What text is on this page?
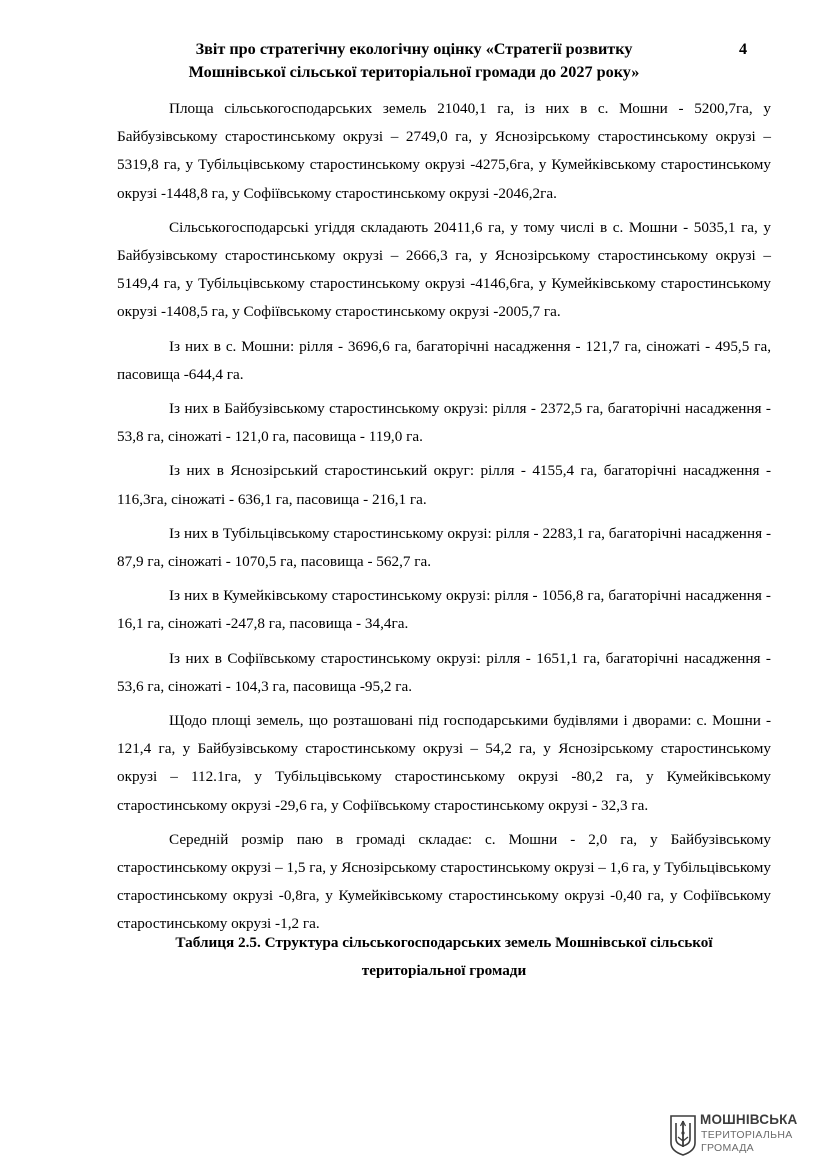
Звіт про стратегічну екологічну оцінку «Стратегії розвитку
Мошнівської сільської територіальної громади до 2027 року»
4

Площа сільськогосподарських земель 21040,1 га, із них в с. Мошни - 5200,7га, у Байбузівському старостинському окрузі – 2749,0 га, у Яснозірському старостинському окрузі – 5319,8 га, у Тубільцівському старостинському окрузі -4275,6га, у Кумейківському старостинському окрузі -1448,8 га, у Софіївському старостинському окрузі -2046,2га.

Сільськогосподарські угіддя складають 20411,6 га, у тому числі в с. Мошни - 5035,1 га, у Байбузівському старостинському окрузі – 2666,3 га, у Яснозірському старостинському окрузі – 5149,4 га, у Тубільцівському старостинському окрузі -4146,6га, у Кумейківському старостинському окрузі -1408,5 га, у Софіївському старостинському окрузі -2005,7 га.

Із них в с. Мошни: рілля - 3696,6 га, багаторічні насадження - 121,7 га, сіножаті - 495,5 га, пасовища -644,4 га.

Із них в Байбузівському старостинському окрузі: рілля - 2372,5 га, багаторічні насадження - 53,8 га, сіножаті - 121,0 га, пасовища - 119,0 га.

Із них в Яснозірський старостинський округ: рілля - 4155,4 га, багаторічні насадження - 116,3га, сіножаті - 636,1 га, пасовища - 216,1 га.

Із них в Тубільцівському старостинському окрузі: рілля - 2283,1 га, багаторічні насадження - 87,9 га, сіножаті - 1070,5 га, пасовища - 562,7 га.

Із них в Кумейківському старостинському окрузі: рілля - 1056,8 га, багаторічні насадження - 16,1 га, сіножаті -247,8 га, пасовища - 34,4га.

Із них в Софіївському старостинському окрузі: рілля - 1651,1 га, багаторічні насадження - 53,6 га, сіножаті - 104,3 га, пасовища -95,2 га.

Щодо площі земель, що розташовані під господарськими будівлями і дворами: с. Мошни - 121,4 га, у Байбузівському старостинському окрузі – 54,2 га, у Яснозірському старостинському окрузі – 112.1га, у Тубільцівському старостинському окрузі -80,2 га, у Кумейківському старостинському окрузі -29,6 га, у Софіївському старостинському окрузі - 32,3 га.

Середній розмір паю в громаді складає: с. Мошни - 2,0 га, у Байбузівському старостинському окрузі – 1,5 га, у Яснозірському старостинському окрузі – 1,6 га, у Тубільцівському старостинському окрузі -0,8га, у Кумейківському старостинському окрузі -0,40 га, у Софіївському старостинському окрузі -1,2 га.

Таблиця 2.5. Структура сільськогосподарських земель Мошнівської сільської
територіальної громади
МОШНІВСЬКА
ТЕРИТОРІАЛЬНА
ГРОМАДА
